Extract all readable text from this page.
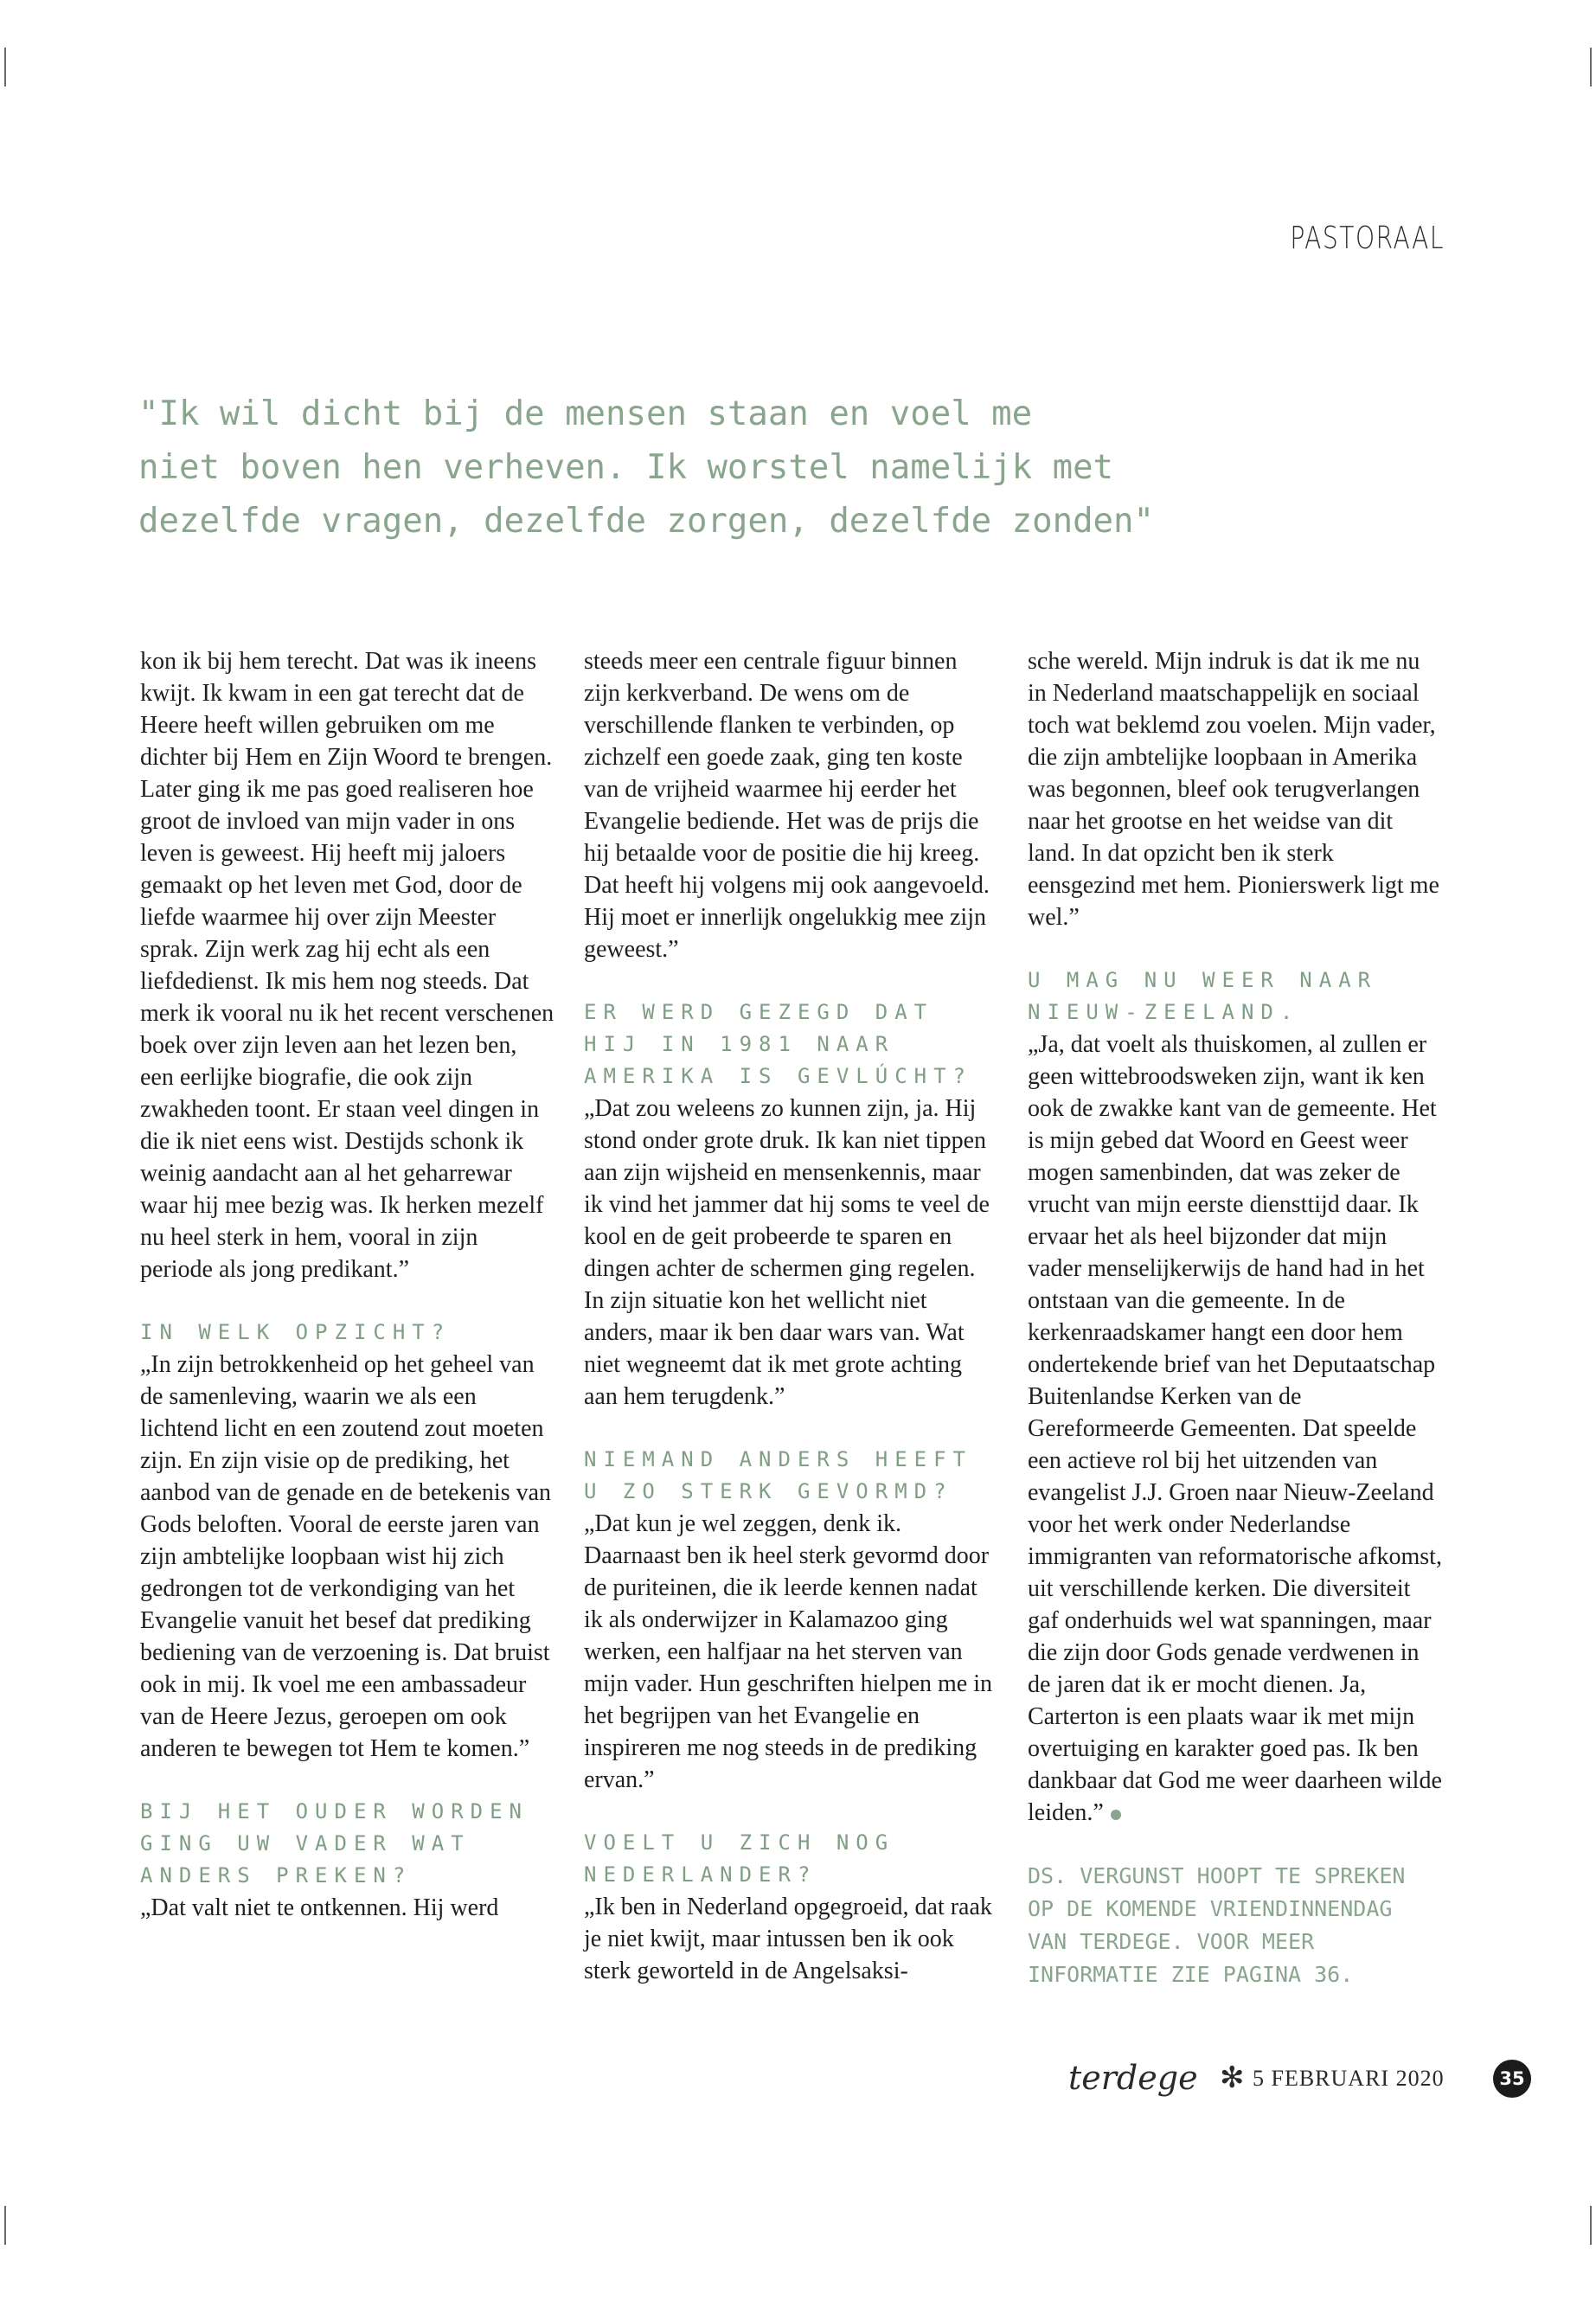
PASTORAAL
"Ik wil dicht bij de mensen staan en voel me
niet boven hen verheven. Ik worstel namelijk met
dezelfde vragen, dezelfde zorgen, dezelfde zonden"

kon ik bij hem terecht. Dat was ik ineens kwijt. Ik kwam in een gat terecht dat de Heere heeft willen gebruiken om me dichter bij Hem en Zijn Woord te brengen. Later ging ik me pas goed realiseren hoe groot de invloed van mijn vader in ons leven is geweest. Hij heeft mij jaloers gemaakt op het leven met God, door de liefde waarmee hij over zijn Meester sprak. Zijn werk zag hij echt als een liefdedienst. Ik mis hem nog steeds. Dat merk ik vooral nu ik het recent verschenen boek over zijn leven aan het lezen ben, een eerlijke biografie, die ook zijn zwakheden toont. Er staan veel dingen in die ik niet eens wist. Destijds schonk ik weinig aandacht aan al het geharrewar waar hij mee bezig was. Ik herken mezelf nu heel sterk in hem, vooral in zijn periode als jong predikant.”

IN WELK OPZICHT?

„In zijn betrokkenheid op het geheel van de samenleving, waarin we als een lichtend licht en een zoutend zout moeten zijn. En zijn visie op de prediking, het aanbod van de genade en de betekenis van Gods beloften. Vooral de eerste jaren van zijn ambtelijke loopbaan wist hij zich gedrongen tot de verkondiging van het Evangelie vanuit het besef dat prediking bediening van de verzoening is. Dat bruist ook in mij. Ik voel me een ambassadeur van de Heere Jezus, geroepen om ook anderen te bewegen tot Hem te komen.”

BIJ HET OUDER WORDEN GING UW VADER WAT ANDERS PREKEN?

„Dat valt niet te ontkennen. Hij werd

steeds meer een centrale figuur binnen zijn kerkverband. De wens om de verschillende flanken te verbinden, op zichzelf een goede zaak, ging ten koste van de vrijheid waarmee hij eerder het Evangelie bediende. Het was de prijs die hij betaalde voor de positie die hij kreeg. Dat heeft hij volgens mij ook aangevoeld. Hij moet er innerlijk ongelukkig mee zijn geweest.”

ER WERD GEZEGD DAT HIJ IN 1981 NAAR AMERIKA IS GEVLÚCHT?

„Dat zou weleens zo kunnen zijn, ja. Hij stond onder grote druk. Ik kan niet tippen aan zijn wijsheid en mensenkennis, maar ik vind het jammer dat hij soms te veel de kool en de geit probeerde te sparen en dingen achter de schermen ging regelen. In zijn situatie kon het wellicht niet anders, maar ik ben daar wars van. Wat niet wegneemt dat ik met grote achting aan hem terugdenk.”

NIEMAND ANDERS HEEFT U ZO STERK GEVORMD?

„Dat kun je wel zeggen, denk ik. Daarnaast ben ik heel sterk gevormd door de puriteinen, die ik leerde kennen nadat ik als onderwijzer in Kalamazoo ging werken, een halfjaar na het sterven van mijn vader. Hun geschriften hielpen me in het begrijpen van het Evangelie en inspireren me nog steeds in de prediking ervan.”

VOELT U ZICH NOG NEDERLANDER?

„Ik ben in Nederland opgegroeid, dat raak je niet kwijt, maar intussen ben ik ook sterk geworteld in de Angelsaksi-

sche wereld. Mijn indruk is dat ik me nu in Nederland maatschappelijk en sociaal toch wat beklemd zou voelen. Mijn vader, die zijn ambtelijke loopbaan in Amerika was begonnen, bleef ook terugverlangen naar het grootse en het weidse van dit land. In dat opzicht ben ik sterk eensgezind met hem. Pionierswerk ligt me wel.”

U MAG NU WEER NAAR NIEUW-ZEELAND.

„Ja, dat voelt als thuiskomen, al zullen er geen wittebroodsweken zijn, want ik ken ook de zwakke kant van de gemeente. Het is mijn gebed dat Woord en Geest weer mogen samenbinden, dat was zeker de vrucht van mijn eerste diensttijd daar. Ik ervaar het als heel bijzonder dat mijn vader menselijkerwijs de hand had in het ontstaan van die gemeente. In de kerkenraadskamer hangt een door hem ondertekende brief van het Deputaatschap Buitenlandse Kerken van de Gereformeerde Gemeenten. Dat speelde een actieve rol bij het uitzenden van evangelist J.J. Groen naar Nieuw-Zeeland voor het werk onder Nederlandse immigranten van reformatorische afkomst, uit verschillende kerken. Die diversiteit gaf onderhuids wel wat spanningen, maar die zijn door Gods genade verdwenen in de jaren dat ik er mocht dienen. Ja, Carterton is een plaats waar ik met mijn overtuiging en karakter goed pas. Ik ben dankbaar dat God me weer daarheen wilde leiden.”

DS. VERGUNST HOOPT TE SPREKEN OP DE KOMENDE VRIENDINNENDAG VAN TERDEGE. VOOR MEER INFORMATIE ZIE PAGINA 36.

terdege ✻ 5 FEBRUARI 2020	35
